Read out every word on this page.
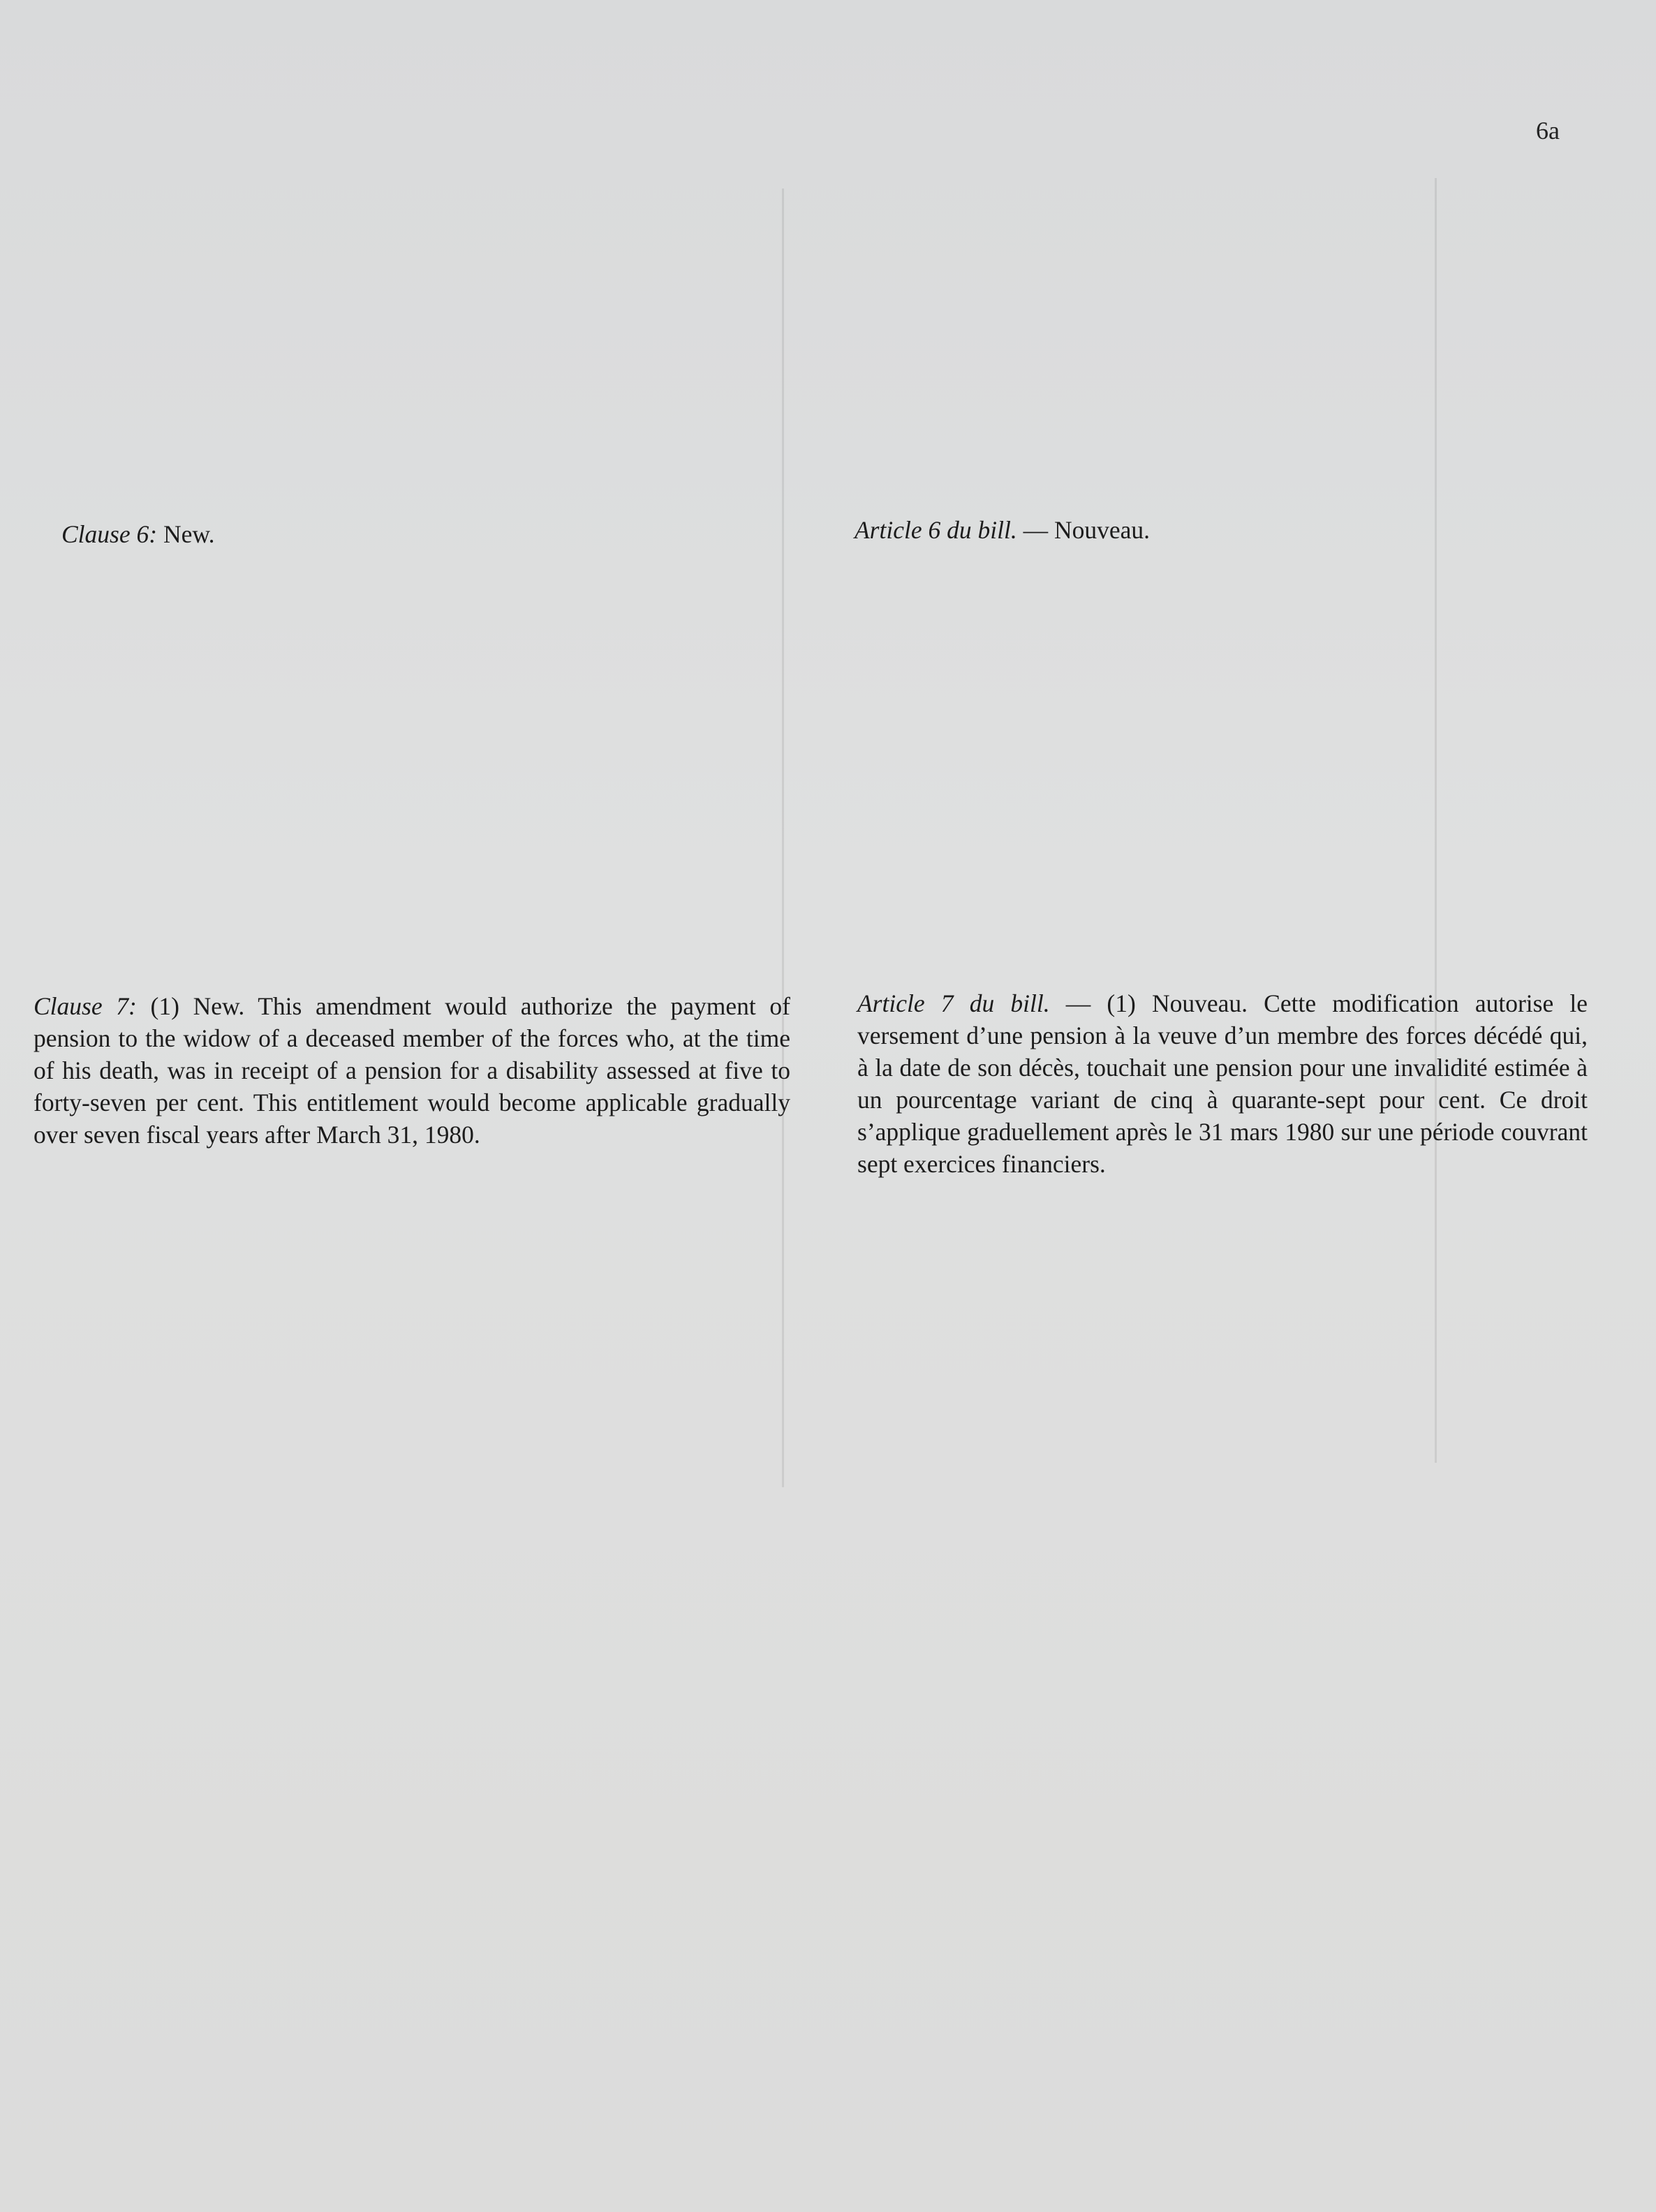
6a

Clause 6: New.	Article 6 du bill. — Nouveau.

Clause 7: (1) New. This amendment would authorize the payment of pension to the widow of a deceased member of the forces who, at the time of his death, was in receipt of a pension for a disability assessed at five to forty-seven per cent. This entitlement would become applicable gradually over seven fiscal years after March 31, 1980.

Article 7 du bill. — (1) Nouveau. Cette modification autorise le versement d’une pension à la veuve d’un membre des forces décédé qui, à la date de son décès, touchait une pension pour une invalidité estimée à un pourcentage variant de cinq à quarante-sept pour cent. Ce droit s’applique graduellement après le 31 mars 1980 sur une période couvrant sept exercices financiers.
